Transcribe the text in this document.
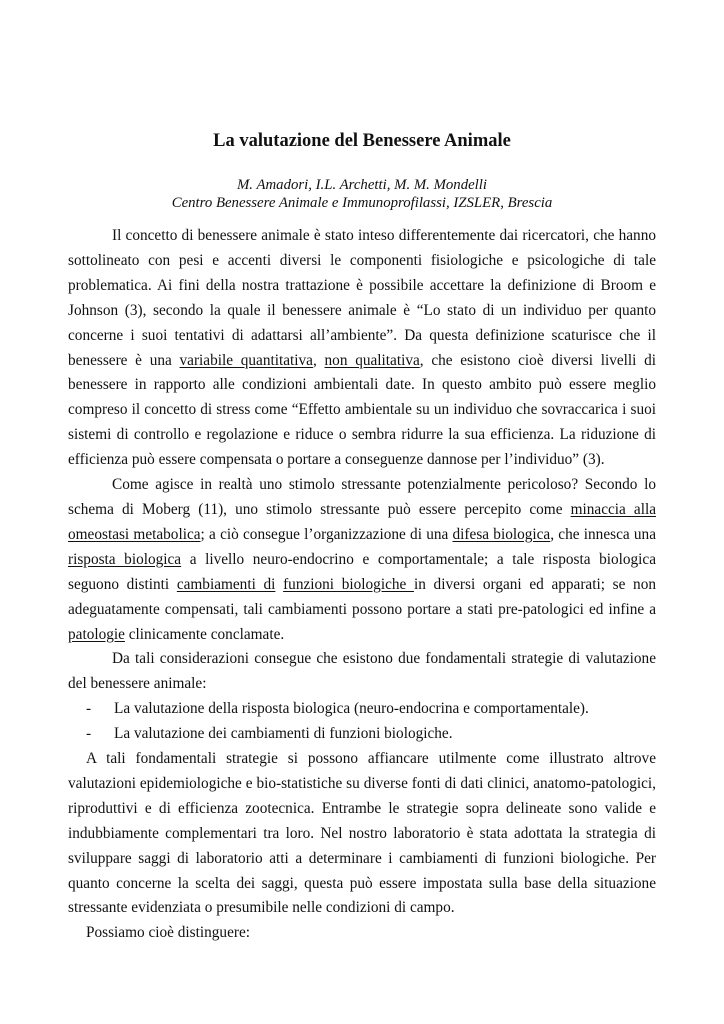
La valutazione del Benessere Animale
M. Amadori, I.L. Archetti, M. M. Mondelli
Centro Benessere Animale e Immunoprofilassi, IZSLER, Brescia

Il concetto di benessere animale è stato inteso differentemente dai ricercatori, che hanno sottolineato con pesi e accenti diversi le componenti fisiologiche e psicologiche di tale problematica. Ai fini della nostra trattazione è possibile accettare la definizione di Broom e Johnson (3), secondo la quale il benessere animale è “Lo stato di un individuo per quanto concerne i suoi tentativi di adattarsi all’ambiente”. Da questa definizione scaturisce che il benessere è una variabile quantitativa, non qualitativa, che esistono cioè diversi livelli di benessere in rapporto alle condizioni ambientali date. In questo ambito può essere meglio compreso il concetto di stress come “Effetto ambientale su un individuo che sovraccarica i suoi sistemi di controllo e regolazione e riduce o sembra ridurre la sua efficienza. La riduzione di efficienza può essere compensata o portare a conseguenze dannose per l’individuo” (3).

Come agisce in realtà uno stimolo stressante potenzialmente pericoloso? Secondo lo schema di Moberg (11), uno stimolo stressante può essere percepito come minaccia alla omeostasi metabolica; a ciò consegue l’organizzazione di una difesa biologica, che innesca una risposta biologica a livello neuro-endocrino e comportamentale; a tale risposta biologica seguono distinti cambiamenti di funzioni biologiche in diversi organi ed apparati; se non adeguatamente compensati, tali cambiamenti possono portare a stati pre-patologici ed infine a patologie clinicamente conclamate.

Da tali considerazioni consegue che esistono due fondamentali strategie di valutazione del benessere animale:

-	La valutazione della risposta biologica (neuro-endocrina e comportamentale).
-	La valutazione dei cambiamenti di funzioni biologiche.

A tali fondamentali strategie si possono affiancare utilmente come illustrato altrove valutazioni epidemiologiche e bio-statistiche su diverse fonti di dati clinici, anatomo-patologici, riproduttivi e di efficienza zootecnica. Entrambe le strategie sopra delineate sono valide e indubbiamente complementari tra loro. Nel nostro laboratorio è stata adottata la strategia di sviluppare saggi di laboratorio atti a determinare i cambiamenti di funzioni biologiche. Per quanto concerne la scelta dei saggi, questa può essere impostata sulla base della situazione stressante evidenziata o presumibile nelle condizioni di campo.

Possiamo cioè distinguere:
